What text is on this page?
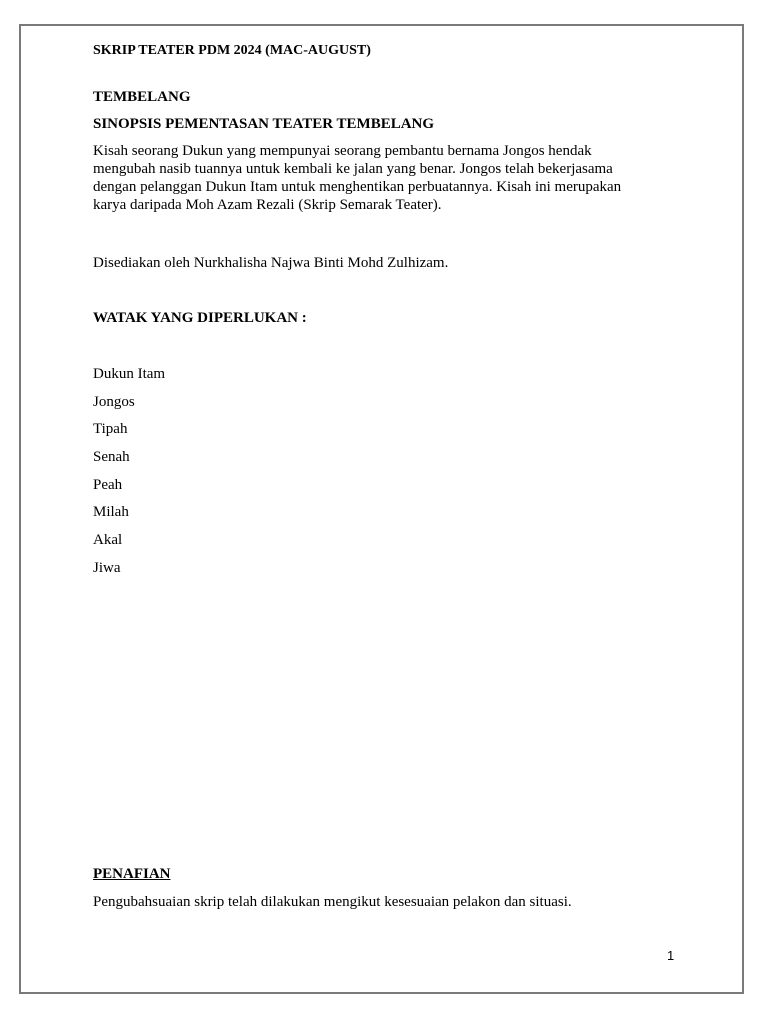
SKRIP TEATER PDM 2024 (MAC-AUGUST)

TEMBELANG

SINOPSIS PEMENTASAN TEATER TEMBELANG

Kisah seorang Dukun yang mempunyai seorang pembantu bernama Jongos hendak
mengubah nasib tuannya untuk kembali ke jalan yang benar. Jongos telah bekerjasama
dengan pelanggan Dukun Itam untuk menghentikan perbuatannya. Kisah ini merupakan
karya daripada Moh Azam Rezali (Skrip Semarak Teater).

Disediakan oleh Nurkhalisha Najwa Binti Mohd Zulhizam.

WATAK YANG DIPERLUKAN :

Dukun Itam
Jongos
Tipah
Senah
Peah
Milah
Akal
Jiwa

PENAFIAN

Pengubahsuaian skrip telah dilakukan mengikut kesesuaian pelakon dan situasi.

1
